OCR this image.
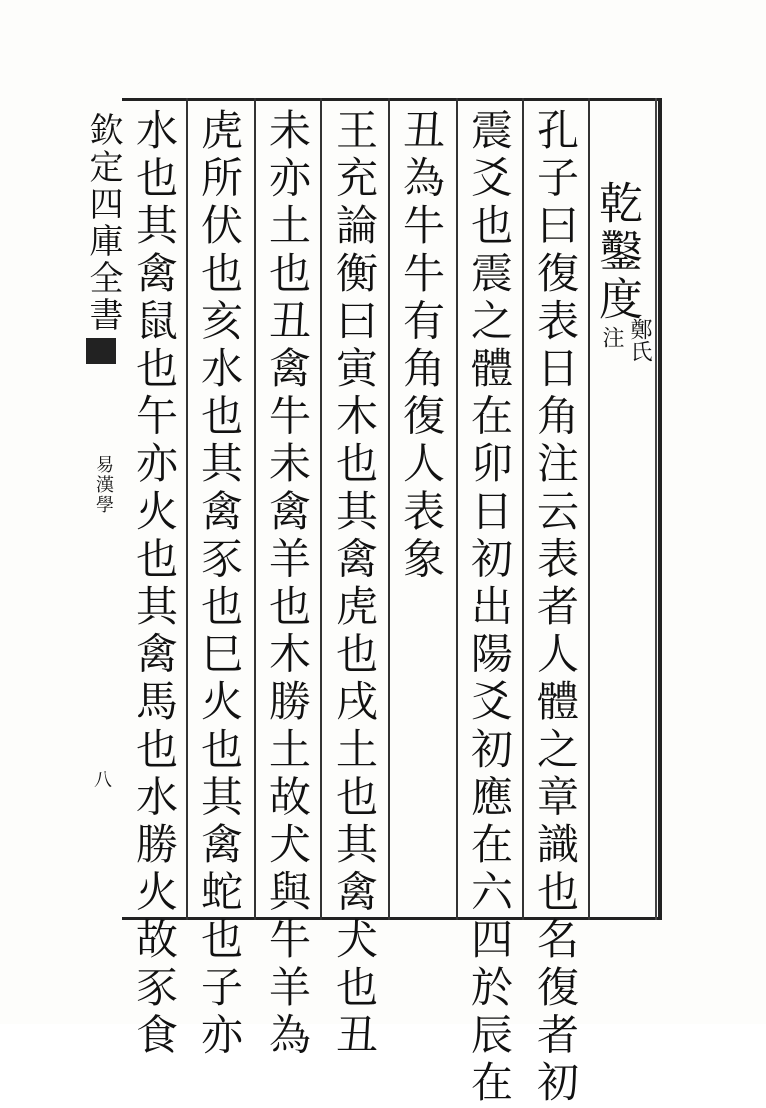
欽定四庫全書
易漢學
八
乾鑿度
鄭氏
注
孔子曰復表日角注云表者人體之章識也名復者初
震爻也震之體在卯日初出陽爻初應在六四於辰在
丑為牛牛有角復人表象
王充論衡曰寅木也其禽虎也戌土也其禽犬也丑
未亦土也丑禽牛未禽羊也木勝土故犬與牛羊為
虎所伏也亥水也其禽豕也巳火也其禽蛇也子亦
水也其禽鼠也午亦火也其禽馬也水勝火故豕食
